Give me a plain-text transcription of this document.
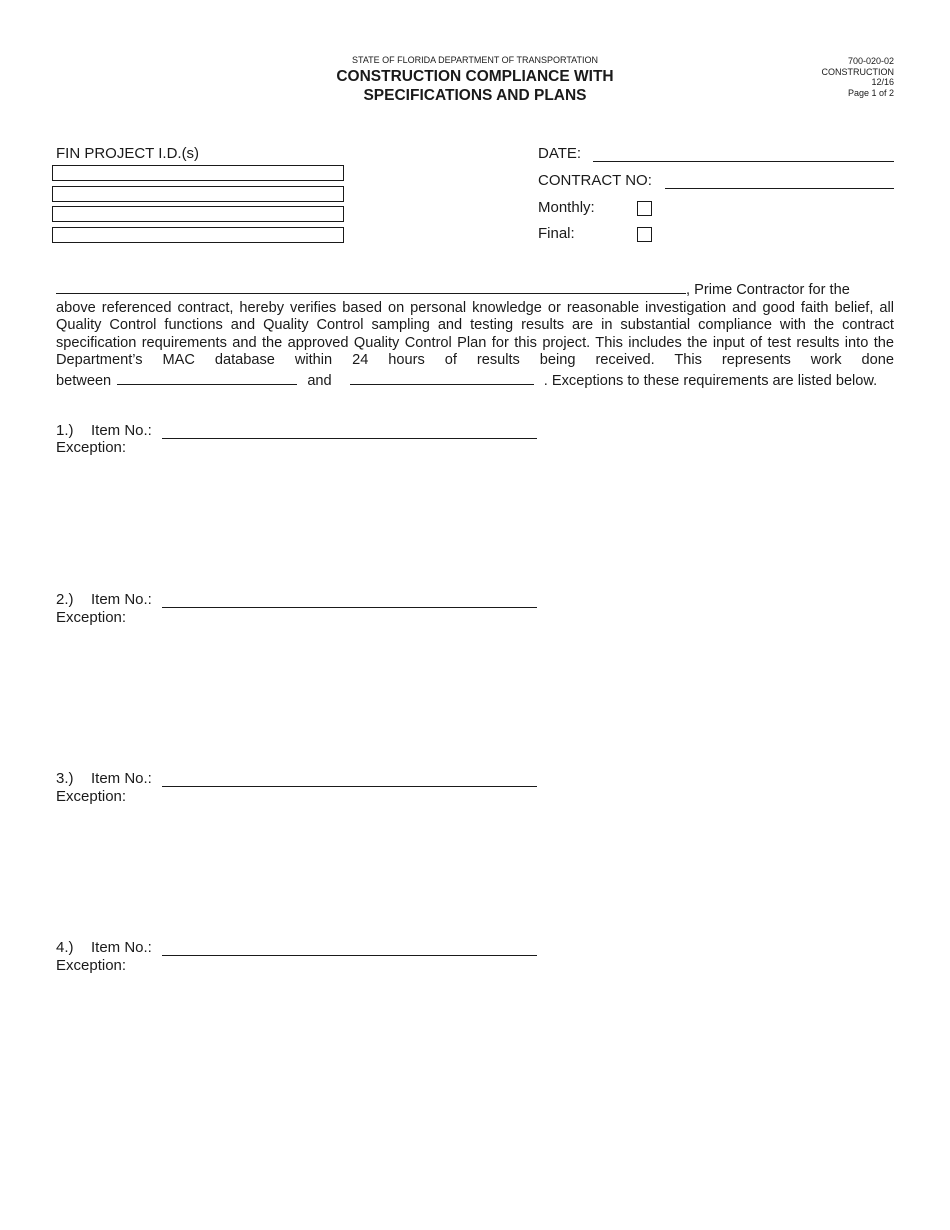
STATE OF FLORIDA DEPARTMENT OF TRANSPORTATION
CONSTRUCTION COMPLIANCE WITH
SPECIFICATIONS AND PLANS
700-020-02
CONSTRUCTION
12/16
Page 1 of 2
FIN PROJECT I.D.(s)	DATE:
CONTRACT NO:
Monthly:
Final:

, Prime Contractor for the

above referenced contract, hereby verifies based on personal knowledge or reasonable investigation and good faith belief, all Quality Control functions and Quality Control sampling and testing results are in substantial compliance with the contract specification requirements and the approved Quality Control Plan for this project. This includes the input of test results into the Department’s MAC database within 24 hours of results being received. This represents work done

between	and	. Exceptions to these requirements are listed below.

1.) Item No.:
Exception:
2.) Item No.:
Exception:
3.) Item No.:
Exception:
4.) Item No.:
Exception:
